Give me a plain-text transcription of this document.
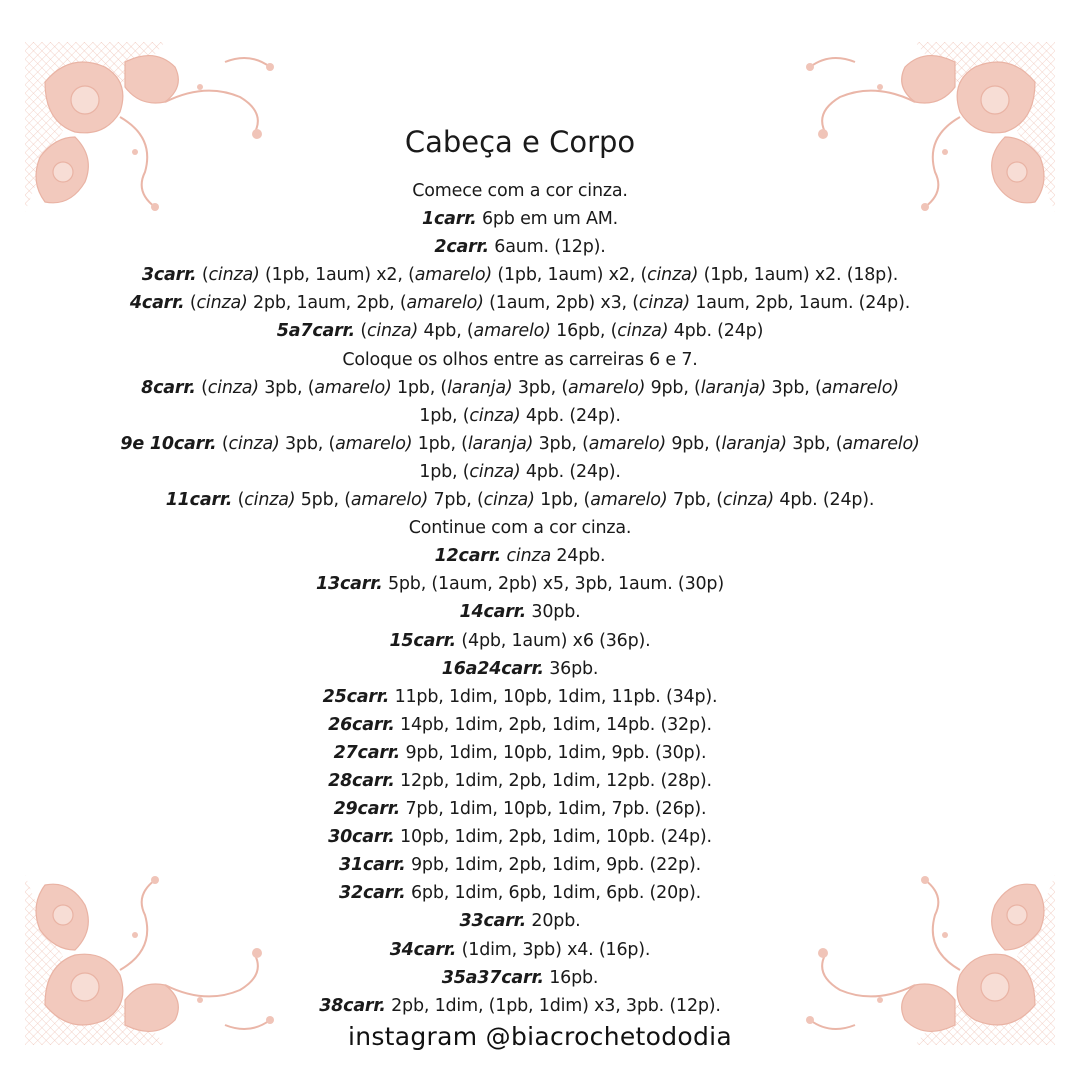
Cabeça e Corpo
Comece com a cor cinza.
1carr. 6pb em um AM.
2carr. 6aum. (12p).
3carr. (cinza) (1pb, 1aum) x2, (amarelo) (1pb, 1aum) x2, (cinza) (1pb, 1aum) x2. (18p).
4carr. (cinza) 2pb, 1aum, 2pb, (amarelo) (1aum, 2pb) x3, (cinza) 1aum, 2pb, 1aum. (24p).
5a7carr. (cinza) 4pb, (amarelo) 16pb, (cinza) 4pb. (24p)
Coloque os olhos entre as carreiras 6 e 7.
8carr. (cinza) 3pb, (amarelo) 1pb, (laranja) 3pb, (amarelo) 9pb, (laranja) 3pb, (amarelo)
1pb, (cinza) 4pb. (24p).
9e 10carr. (cinza) 3pb, (amarelo) 1pb, (laranja) 3pb, (amarelo) 9pb, (laranja) 3pb, (amarelo)
1pb, (cinza) 4pb. (24p).
11carr. (cinza) 5pb, (amarelo) 7pb, (cinza) 1pb, (amarelo) 7pb, (cinza) 4pb. (24p).
Continue com a cor cinza.
12carr. cinza 24pb.
13carr. 5pb, (1aum, 2pb) x5, 3pb, 1aum. (30p)
14carr. 30pb.
15carr. (4pb, 1aum) x6 (36p).
16a24carr. 36pb.
25carr. 11pb, 1dim, 10pb, 1dim, 11pb. (34p).
26carr. 14pb, 1dim, 2pb, 1dim, 14pb. (32p).
27carr. 9pb, 1dim, 10pb, 1dim, 9pb. (30p).
28carr. 12pb, 1dim, 2pb, 1dim, 12pb. (28p).
29carr. 7pb, 1dim, 10pb, 1dim, 7pb. (26p).
30carr. 10pb, 1dim, 2pb, 1dim, 10pb. (24p).
31carr. 9pb, 1dim, 2pb, 1dim, 9pb. (22p).
32carr. 6pb, 1dim, 6pb, 1dim, 6pb. (20p).
33carr. 20pb.
34carr. (1dim, 3pb) x4. (16p).
35a37carr. 16pb.
38carr. 2pb, 1dim, (1pb, 1dim) x3, 3pb. (12p).
instagram @biacrochetododia
